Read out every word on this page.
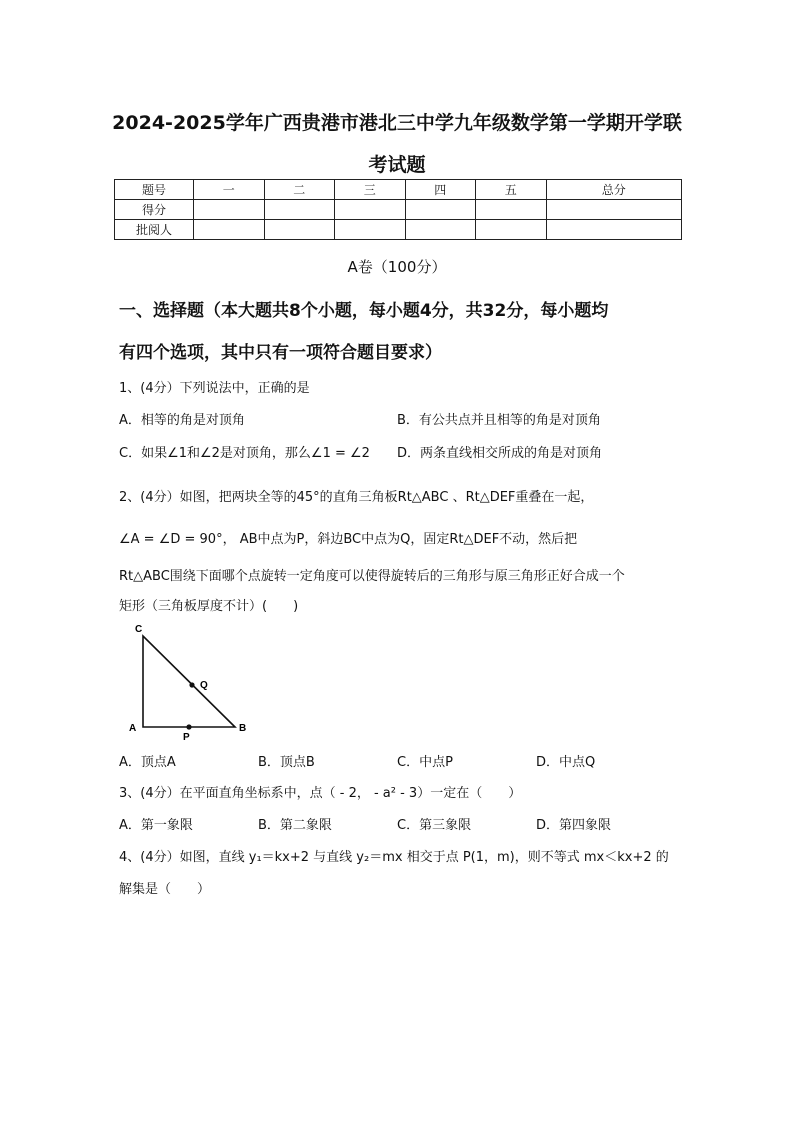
2024-2025学年广西贵港市港北三中学九年级数学第一学期开学联
考试题
题号	一	二	三	四	五	总分
得分						
批阅人						
A卷（100分）
一、选择题（本大题共8个小题，每小题4分，共32分，每小题均
有四个选项，其中只有一项符合题目要求）
1、(4分）下列说法中，正确的是
A．相等的角是对顶角	B．有公共点并且相等的角是对顶角
C．如果∠1和∠2是对顶角，那么∠1 = ∠2 D．两条直线相交所成的角是对顶角
2、(4分）如图，把两块全等的45°的直角三角板Rt△ABC 、Rt△DEF重叠在一起，
∠A = ∠D = 90°， AB中点为P，斜边BC中点为Q，固定Rt△DEF不动，然后把
Rt△ABC围绕下面哪个点旋转一定角度可以使得旋转后的三角形与原三角形正好合成一个
矩形（三角板厚度不计）(　　)
C
Q
A
P
B
A．顶点A	B．顶点B	C．中点P	D．中点Q
3、(4分）在平面直角坐标系中，点（ - 2， - a² - 3）一定在（　　）
A．第一象限	B．第二象限	C．第三象限	D．第四象限
4、(4分）如图，直线 y₁＝kx+2 与直线 y₂＝mx 相交于点 P(1，m)，则不等式 mx＜kx+2 的
解集是（　　）
